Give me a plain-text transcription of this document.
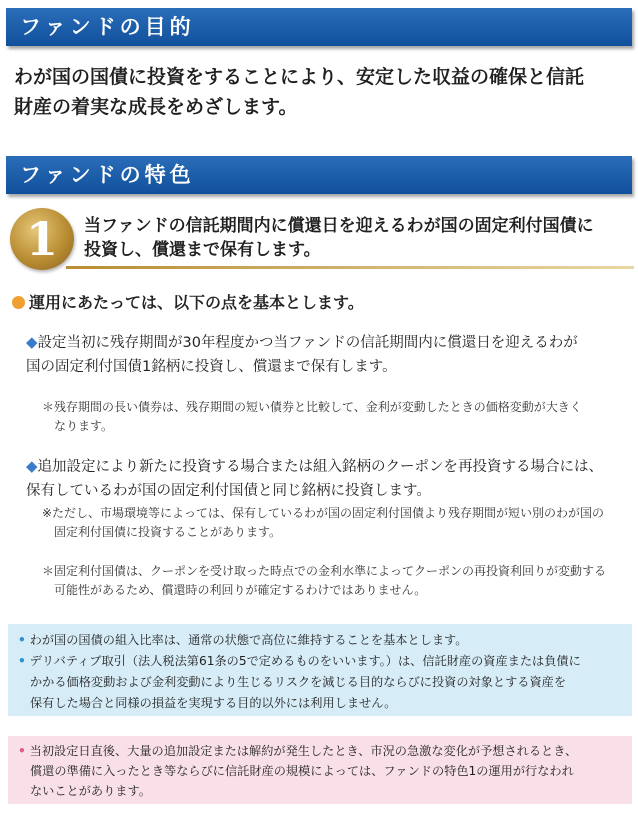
ファンドの目的
わが国の国債に投資をすることにより、安定した収益の確保と信託
財産の着実な成長をめざします。
ファンドの特色
1	当ファンドの信託期間内に償還日を迎えるわが国の固定利付国債に
投資し、償還まで保有します。
運用にあたっては、以下の点を基本とします。
◆設定当初に残存期間が30年程度かつ当ファンドの信託期間内に償還日を迎えるわが
国の固定利付国債1銘柄に投資し、償還まで保有します。
＊残存期間の長い債券は、残存期間の短い債券と比較して、金利が変動したときの価格変動が大きく
なります。
◆追加設定により新たに投資する場合または組入銘柄のクーポンを再投資する場合には、
保有しているわが国の固定利付国債と同じ銘柄に投資します。
※ただし、市場環境等によっては、保有しているわが国の固定利付国債より残存期間が短い別のわが国の
固定利付国債に投資することがあります。
＊固定利付国債は、クーポンを受け取った時点での金利水準によってクーポンの再投資利回りが変動する
可能性があるため、償還時の利回りが確定するわけではありません。
• わが国の国債の組入比率は、通常の状態で高位に維持することを基本とします。
• デリバティブ取引（法人税法第61条の5で定めるものをいいます。）は、信託財産の資産または負債に
かかる価格変動および金利変動により生じるリスクを減じる目的ならびに投資の対象とする資産を
保有した場合と同様の損益を実現する目的以外には利用しません。
• 当初設定日直後、大量の追加設定または解約が発生したとき、市況の急激な変化が予想されるとき、
償還の準備に入ったとき等ならびに信託財産の規模によっては、ファンドの特色1の運用が行なわれ
ないことがあります。
